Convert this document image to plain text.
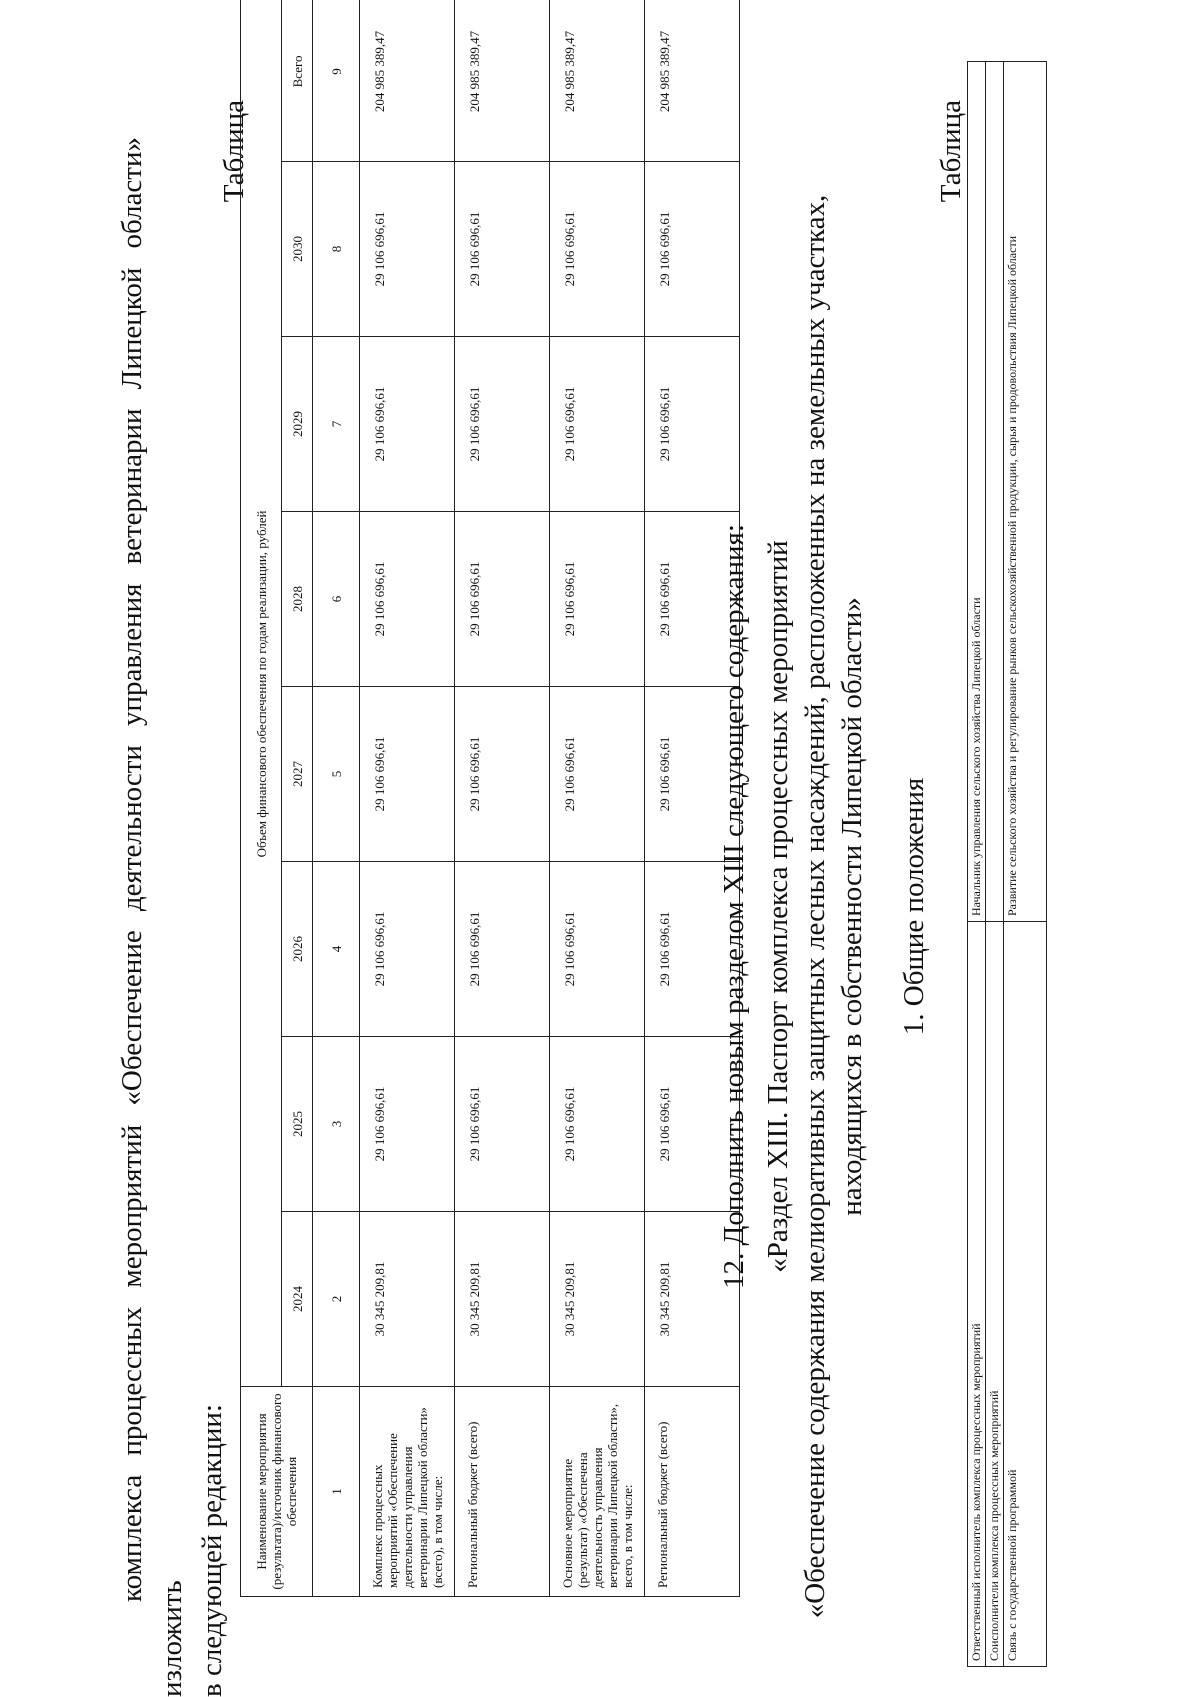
комплекса процессных мероприятий «Обеспечение деятельности управления ветеринарии Липецкой области» изложить в следующей редакции:

Таблица
Наименование мероприятия (результата)/источник финансового обеспечения	Объем финансового обеспечения по годам реализации, рублей							
	2024	2025	2026	2027	2028	2029	2030	Всего
1	2	3	4	5	6	7	8	9
Комплекс процессных мероприятий «Обеспечение деятельности управления ветеринарии Липецкой области» (всего), в том числе:	30 345 209,81	29 106 696,61	29 106 696,61	29 106 696,61	29 106 696,61	29 106 696,61	29 106 696,61	204 985 389,47
Региональный бюджет (всего)	30 345 209,81	29 106 696,61	29 106 696,61	29 106 696,61	29 106 696,61	29 106 696,61	29 106 696,61	204 985 389,47
Основное мероприятие (результат) «Обеспечена деятельность управления ветеринарии Липецкой области», всего, в том числе:	30 345 209,81	29 106 696,61	29 106 696,61	29 106 696,61	29 106 696,61	29 106 696,61	29 106 696,61	204 985 389,47
Региональный бюджет (всего)	30 345 209,81	29 106 696,61	29 106 696,61	29 106 696,61	29 106 696,61	29 106 696,61	29 106 696,61	204 985 389,47
12. Дополнить новым разделом XIII следующего содержания: «Раздел XIII. Паспорт комплекса процессных мероприятий «Обеспечение содержания мелиоративных защитных лесных насаждений, расположенных на земельных участках, находящихся в собственности Липецкой области» 1. Общие положения
Таблица
Ответственный исполнитель комплекса процессных мероприятий	Начальник управления сельского хозяйства Липецкой области
Соисполнители комплекса процессных мероприятий	
Связь с государственной программой	Развитие сельского хозяйства и регулирование рынков сельскохозяйственной продукции, сырья и продовольствия Липецкой области
